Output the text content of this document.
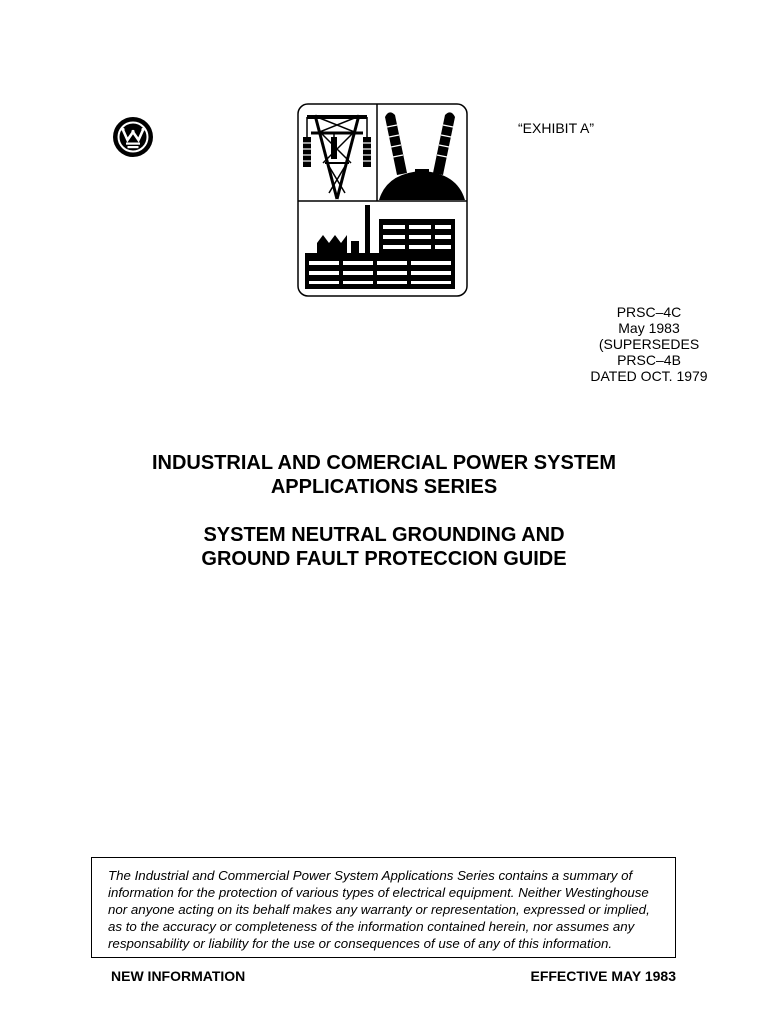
“EXHIBIT A”
PRSC–4C
May 1983
(SUPERSEDES
PRSC–4B
DATED OCT. 1979
INDUSTRIAL AND COMERCIAL POWER SYSTEM
APPLICATIONS SERIES
SYSTEM NEUTRAL GROUNDING AND
GROUND FAULT PROTECCION GUIDE
The Industrial and Commercial Power System Applications Series contains a summary of information for the protection of various types of electrical equipment. Neither Westinghouse nor anyone acting on its behalf makes any warranty or representation, expressed or implied, as to the accuracy or completeness of the information contained herein, nor assumes any responsability or liability for the use or consequences of use of any of this information.
NEW INFORMATION	EFFECTIVE MAY 1983
